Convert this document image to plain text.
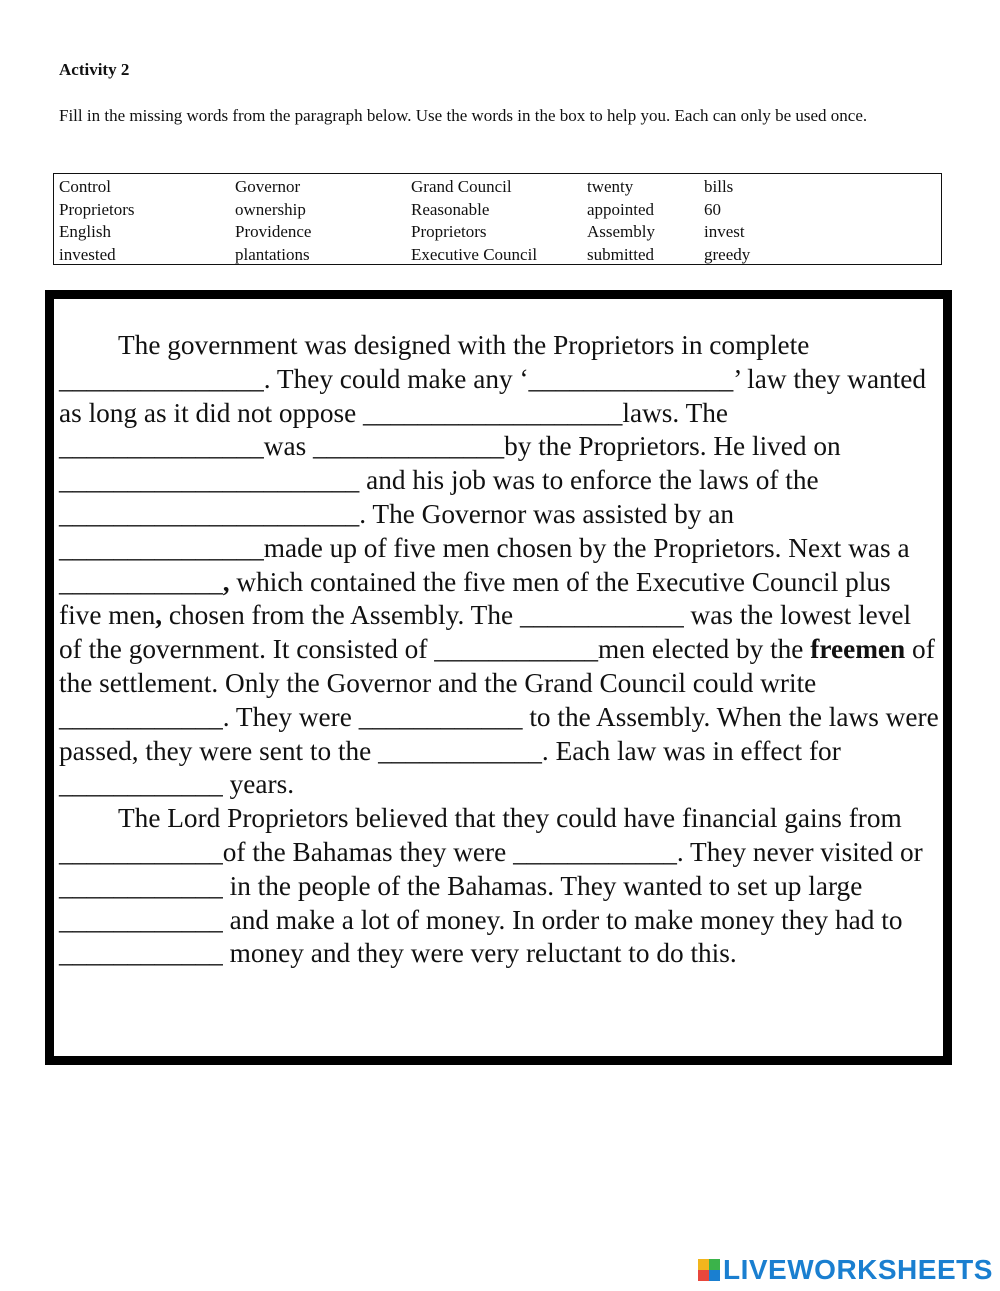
Activity 2
Fill in the missing words from the paragraph below. Use the words in the box to help you. Each can only be used once.
Control
Proprietors
English
invested
Governor
ownership
Providence
plantations
Grand Council
Reasonable
Proprietors
Executive Council
twenty
appointed
Assembly
submitted
bills
60
invest
greedy

The government was designed with the Proprietors in complete _______________. They could make any ‘_______________’ law they wanted as long as it did not oppose ___________________laws. The _______________was ______________by the Proprietors. He lived on ______________________ and his job was to enforce the laws of the ______________________. The Governor was assisted by an _______________made up of five men chosen by the Proprietors. Next was a ____________, which contained the five men of the Executive Council plus five men, chosen from the Assembly. The ____________ was the lowest level of the government. It consisted of ____________men elected by the freemen of the settlement. Only the Governor and the Grand Council could write ____________. They were ____________ to the Assembly. When the laws were passed, they were sent to the ____________. Each law was in effect for ____________ years.

The Lord Proprietors believed that they could have financial gains from ____________of the Bahamas they were ____________. They never visited or ____________ in the people of the Bahamas. They wanted to set up large ____________ and make a lot of money. In order to make money they had to ____________ money and they were very reluctant to do this.

LIVEWORKSHEETS
